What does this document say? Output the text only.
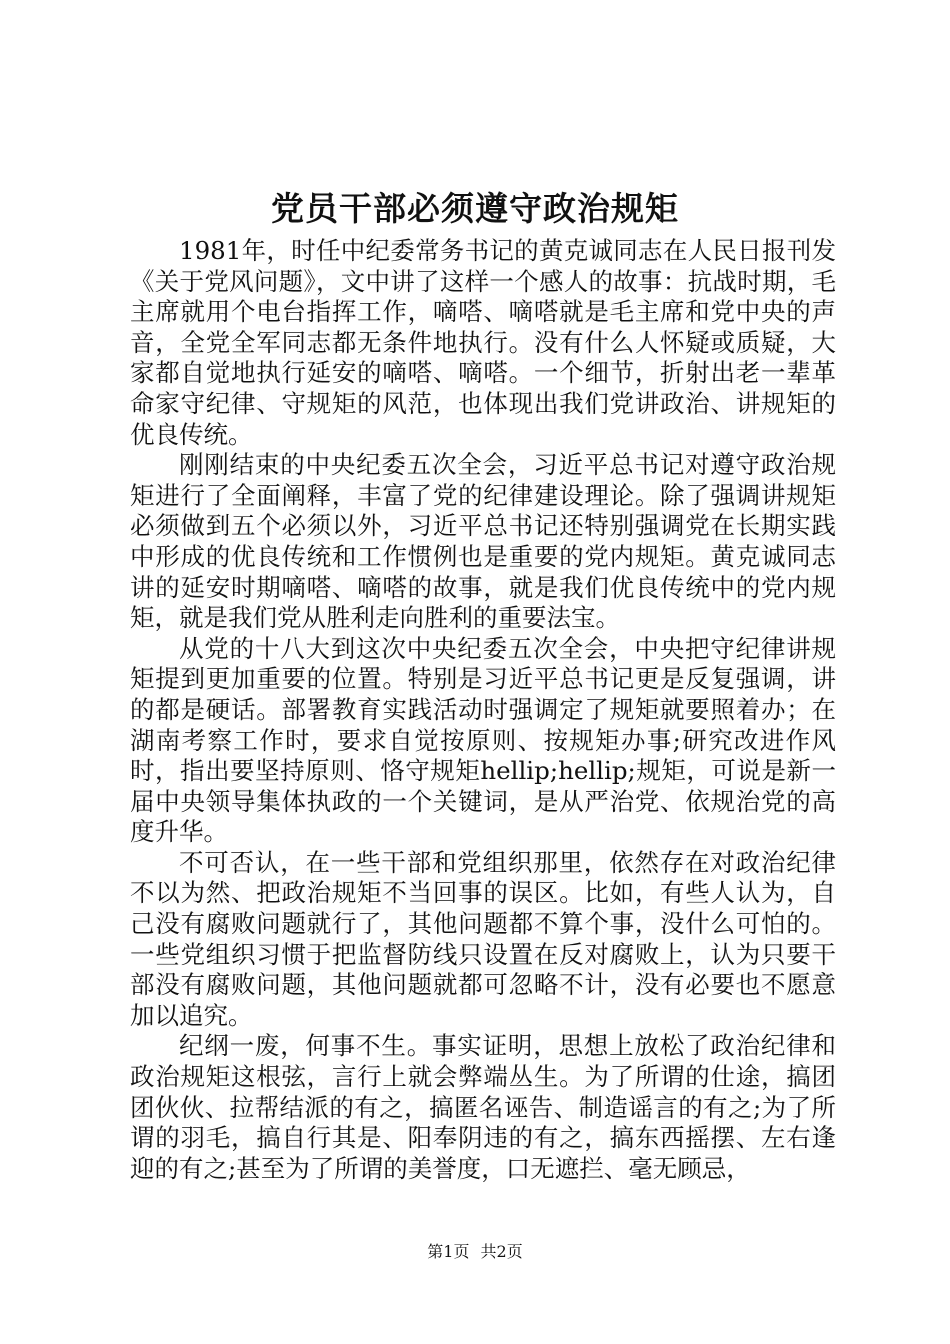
党员干部必须遵守政治规矩

1981年，时任中纪委常务书记的黄克诚同志在人民日报刊发《关于党风问题》，文中讲了这样一个感人的故事：抗战时期，毛主席就用个电台指挥工作，嘀嗒、嘀嗒就是毛主席和党中央的声音，全党全军同志都无条件地执行。没有什么人怀疑或质疑，大家都自觉地执行延安的嘀嗒、嘀嗒。一个细节，折射出老一辈革命家守纪律、守规矩的风范，也体现出我们党讲政治、讲规矩的优良传统。

刚刚结束的中央纪委五次全会，习近平总书记对遵守政治规矩进行了全面阐释，丰富了党的纪律建设理论。除了强调讲规矩必须做到五个必须以外，习近平总书记还特别强调党在长期实践中形成的优良传统和工作惯例也是重要的党内规矩。黄克诚同志讲的延安时期嘀嗒、嘀嗒的故事，就是我们优良传统中的党内规矩，就是我们党从胜利走向胜利的重要法宝。

从党的十八大到这次中央纪委五次全会，中央把守纪律讲规矩提到更加重要的位置。特别是习近平总书记更是反复强调，讲的都是硬话。部署教育实践活动时强调定了规矩就要照着办；在湖南考察工作时，要求自觉按原则、按规矩办事;研究改进作风时，指出要坚持原则、恪守规矩hellip;hellip;规矩，可说是新一届中央领导集体执政的一个关键词，是从严治党、依规治党的高度升华。

不可否认，在一些干部和党组织那里，依然存在对政治纪律不以为然、把政治规矩不当回事的误区。比如，有些人认为，自己没有腐败问题就行了，其他问题都不算个事，没什么可怕的。一些党组织习惯于把监督防线只设置在反对腐败上，认为只要干部没有腐败问题，其他问题就都可忽略不计，没有必要也不愿意加以追究。

纪纲一废，何事不生。事实证明，思想上放松了政治纪律和政治规矩这根弦，言行上就会弊端丛生。为了所谓的仕途，搞团团伙伙、拉帮结派的有之，搞匿名诬告、制造谣言的有之;为了所谓的羽毛，搞自行其是、阳奉阴违的有之，搞东西摇摆、左右逢迎的有之;甚至为了所谓的美誉度，口无遮拦、毫无顾忌，

第1页 共2页
